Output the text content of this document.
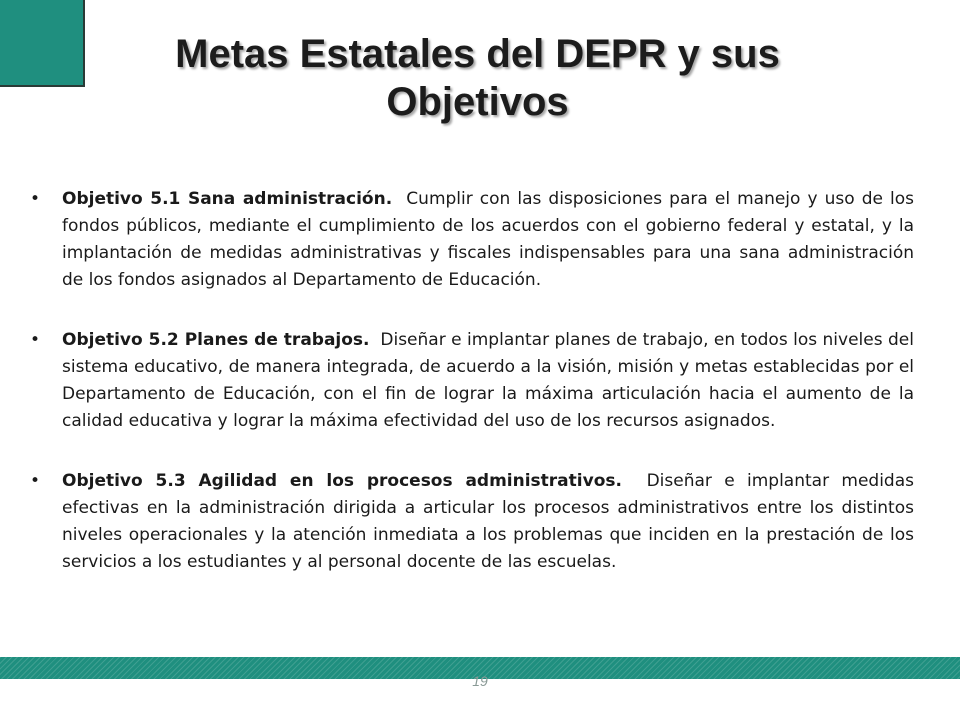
Metas Estatales del DEPR y sus
Objetivos

•	Objetivo 5.1 Sana administración. Cumplir con las disposiciones para el manejo y uso de los fondos públicos, mediante el cumplimiento de los acuerdos con el gobierno federal y estatal, y la implantación de medidas administrativas y fiscales indispensables para una sana administración de los fondos asignados al Departamento de Educación.

•	Objetivo 5.2 Planes de trabajos. Diseñar e implantar planes de trabajo, en todos los niveles del sistema educativo, de manera integrada, de acuerdo a la visión, misión y metas establecidas por el Departamento de Educación, con el fin de lograr la máxima articulación hacia el aumento de la calidad educativa y lograr la máxima efectividad del uso de los recursos asignados.

•	Objetivo 5.3 Agilidad en los procesos administrativos. Diseñar e implantar medidas efectivas en la administración dirigida a articular los procesos administrativos entre los distintos niveles operacionales y la atención inmediata a los problemas que inciden en la prestación de los servicios a los estudiantes y al personal docente de las escuelas.

19
